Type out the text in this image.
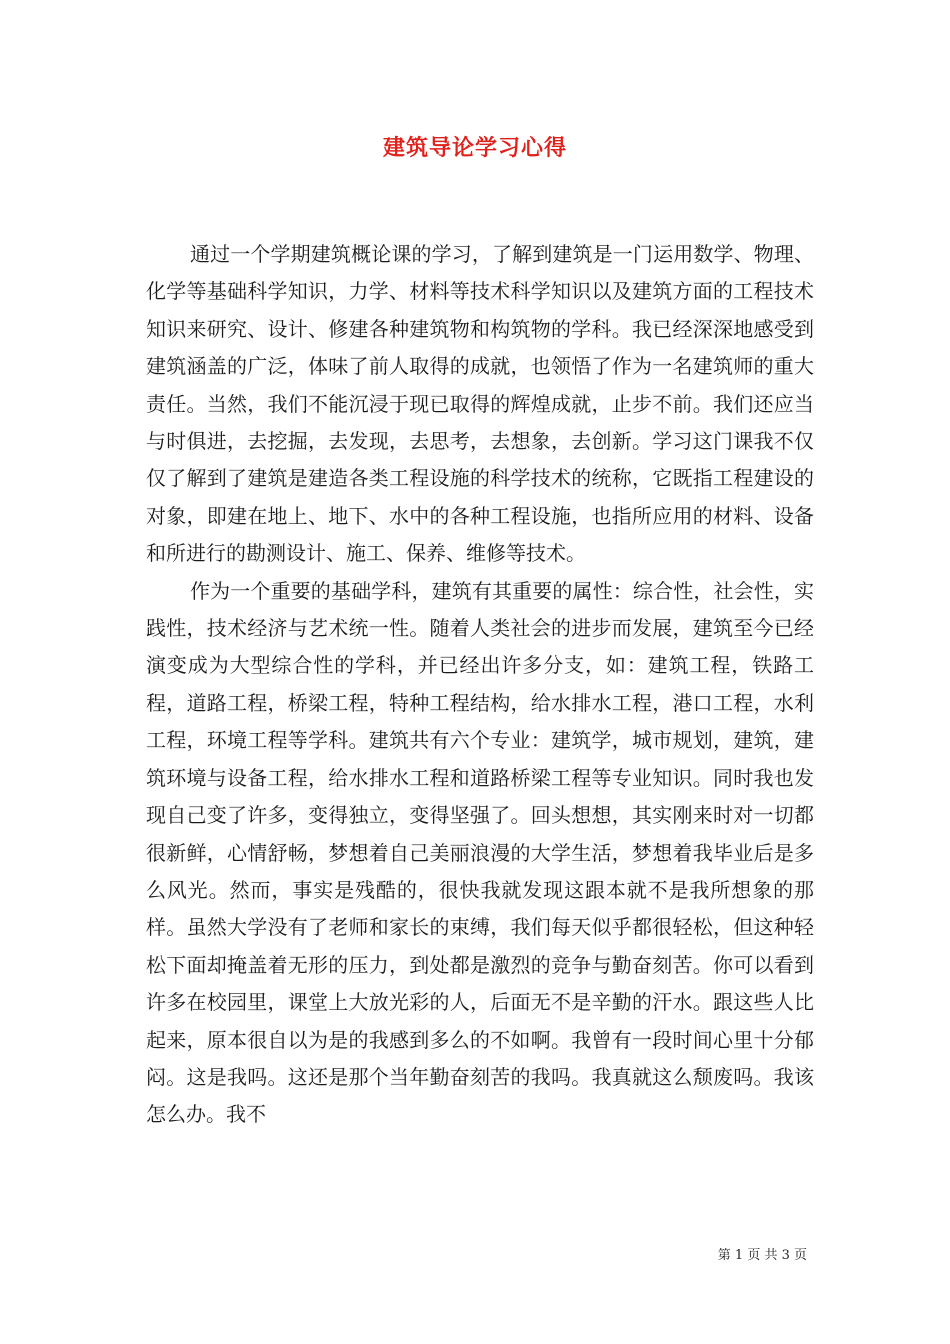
建筑导论学习心得

通过一个学期建筑概论课的学习，了解到建筑是一门运用数学、物理、化学等基础科学知识，力学、材料等技术科学知识以及建筑方面的工程技术知识来研究、设计、修建各种建筑物和构筑物的学科。我已经深深地感受到建筑涵盖的广泛，体味了前人取得的成就，也领悟了作为一名建筑师的重大责任。当然，我们不能沉浸于现已取得的辉煌成就，止步不前。我们还应当与时俱进，去挖掘，去发现，去思考，去想象，去创新。学习这门课我不仅仅了解到了建筑是建造各类工程设施的科学技术的统称，它既指工程建设的对象，即建在地上、地下、水中的各种工程设施，也指所应用的材料、设备和所进行的勘测设计、施工、保养、维修等技术。

作为一个重要的基础学科，建筑有其重要的属性：综合性，社会性，实践性，技术经济与艺术统一性。随着人类社会的进步而发展，建筑至今已经演变成为大型综合性的学科，并已经出许多分支，如：建筑工程，铁路工程，道路工程，桥梁工程，特种工程结构，给水排水工程，港口工程，水利工程，环境工程等学科。建筑共有六个专业：建筑学，城市规划，建筑，建筑环境与设备工程，给水排水工程和道路桥梁工程等专业知识。同时我也发现自己变了许多，变得独立，变得坚强了。回头想想，其实刚来时对一切都很新鲜，心情舒畅，梦想着自己美丽浪漫的大学生活，梦想着我毕业后是多么风光。然而，事实是残酷的，很快我就发现这跟本就不是我所想象的那样。虽然大学没有了老师和家长的束缚，我们每天似乎都很轻松，但这种轻松下面却掩盖着无形的压力，到处都是激烈的竞争与勤奋刻苦。你可以看到许多在校园里，课堂上大放光彩的人，后面无不是辛勤的汗水。跟这些人比起来，原本很自以为是的我感到多么的不如啊。我曾有一段时间心里十分郁闷。这是我吗。这还是那个当年勤奋刻苦的我吗。我真就这么颓废吗。我该怎么办。我不

第 1 页 共 3 页
